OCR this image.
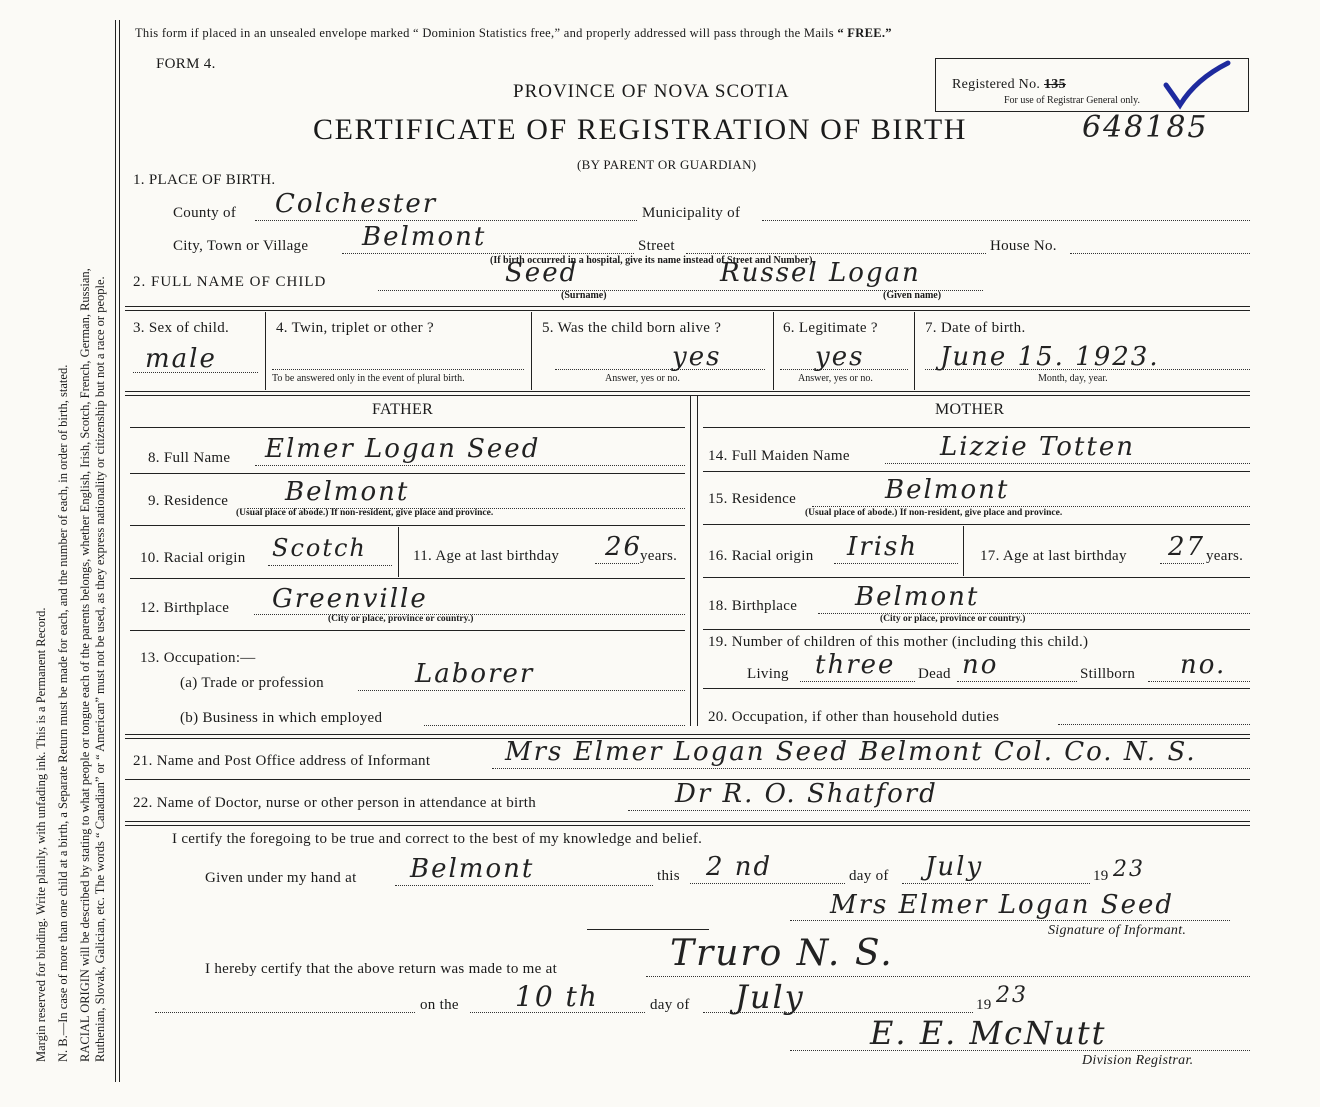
Margin reserved for binding. Write plainly, with unfading ink. This is a Permanent Record. N. B.—In case of more than one child at a birth, a Separate Return must be made for each, and the number of each, in order of birth, stated. RACIAL ORIGIN will be described by stating to what people or tongue each of the parents belongs, whether English, Irish, Scotch, French, German, Russian, Ruthenian, Slovak, Galician, etc. The words “ Canadian” or “ American” must not be used, as they express nationality or citizenship but not a race or people.
This form if placed in an unsealed envelope marked “ Dominion Statistics free,” and properly addressed will pass through the Mails “ FREE.”
FORM 4.
Registered No. 135
For use of Registrar General only.
PROVINCE OF NOVA SCOTIA
CERTIFICATE OF REGISTRATION OF BIRTH	648185
(BY PARENT OR GUARDIAN)
1. PLACE OF BIRTH.
County of Colchester	Municipality of
City, Town or Village Belmont	Street	House No.
(If birth occurred in a hospital, give its name instead of Street and Number)
2. FULL NAME OF CHILD	Seed
(Surname)
Russel Logan
(Given name)
3. Sex of child.
male
4. Twin, triplet or other ?
To be answered only in the event of plural birth.
5. Was the child born alive ?
yes
Answer, yes or no.
6. Legitimate ?
yes
Answer, yes or no.
7. Date of birth.
June 15. 1923.
Month, day, year.
FATHER	MOTHER
8. Full Name Elmer Logan Seed
9. Residence Belmont
(Usual place of abode.) If non-resident, give place and province.
10. Racial origin Scotch	11. Age at last birthday 26
years.
12. Birthplace Greenville
(City or place, province or country.)
13. Occupation:—
(a) Trade or profession	Laborer
(b) Business in which employed
14. Full Maiden Name	Lizzie Totten
15. Residence	Belmont
(Usual place of abode.) If non-resident, give place and province.
16. Racial origin Irish	17. Age at last birthday 27 years.
18. Birthplace Belmont
(City or place, province or country.)
19. Number of children of this mother (including this child.)
Living three Dead no	Stillborn no.
20. Occupation, if other than household duties
21. Name and Post Office address of Informant	Mrs Elmer Logan Seed Belmont Col. Co. N. S.
22. Name of Doctor, nurse or other person in attendance at birth	Dr R. O. Shatford
I certify the foregoing to be true and correct to the best of my knowledge and belief.
Given under my hand at Belmont	this 2 nd	day of July	19 23
Mrs Elmer Logan Seed
Signature of Informant.
I hereby certify that the above return was made to me at	Truro N. S.
on the 10 th	day of July	19 23
E. E. McNutt
Division Registrar.
